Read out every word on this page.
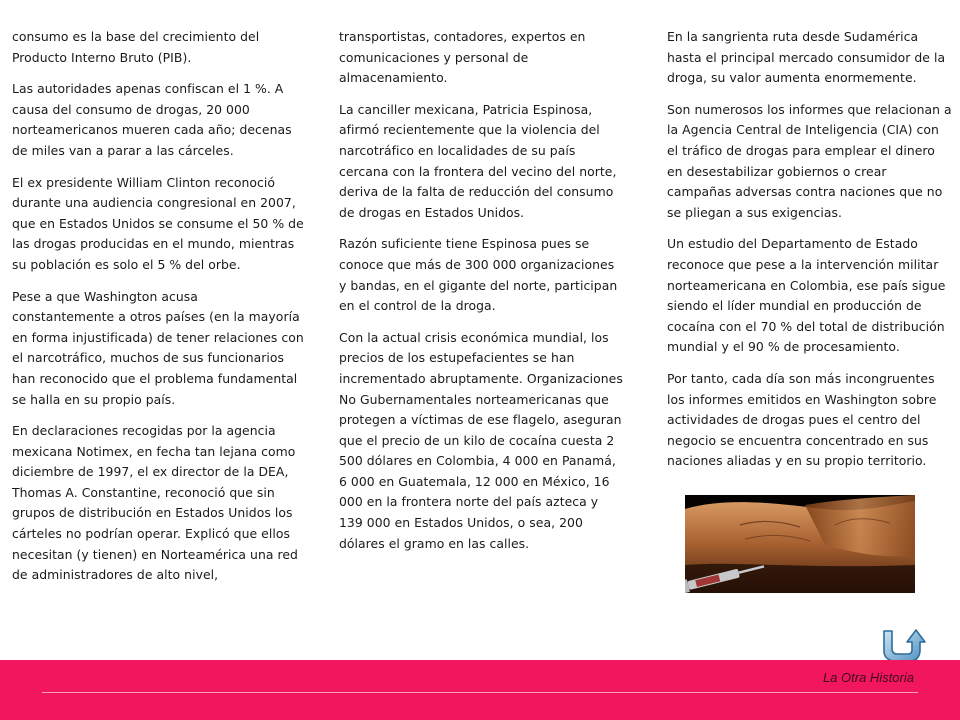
consumo es la base del crecimiento del Producto Interno Bruto (PIB).

Las autoridades apenas confiscan el 1 %. A causa del consumo de drogas, 20 000 norteamericanos mueren cada año; decenas de miles van a parar a las cárceles.

El ex presidente William Clinton reconoció durante una audiencia congresional en 2007, que en Estados Unidos se consume el 50 % de las drogas producidas en el mundo, mientras su población es solo el 5 % del orbe.

Pese a que Washington acusa constantemente a otros países (en la mayoría en forma injustificada) de tener relaciones con el narcotráfico, muchos de sus funcionarios han reconocido que el problema fundamental se halla en su propio país.

En declaraciones recogidas por la agencia mexicana Notimex, en fecha tan lejana como diciembre de 1997, el ex director de la DEA, Thomas A. Constantine, reconoció que sin grupos de distribución en Estados Unidos los cárteles no podrían operar. Explicó que ellos necesitan (y tienen) en Norteamérica una red de administradores de alto nivel,

transportistas, contadores, expertos en comunicaciones y personal de almacenamiento.

La canciller mexicana, Patricia Espinosa, afirmó recientemente que la violencia del narcotráfico en localidades de su país cercana con la frontera del vecino del norte, deriva de la falta de reducción del consumo de drogas en Estados Unidos.

Razón suficiente tiene Espinosa pues se conoce que más de 300 000 organizaciones y bandas, en el gigante del norte, participan en el control de la droga.

Con la actual crisis económica mundial, los precios de los estupefacientes se han incrementado abruptamente. Organizaciones No Gubernamentales norteamericanas que protegen a víctimas de ese flagelo, aseguran que el precio de un kilo de cocaína cuesta 2 500 dólares en Colombia, 4 000 en Panamá, 6 000 en Guatemala, 12 000 en México, 16 000 en la frontera norte del país azteca y 139 000 en Estados Unidos, o sea, 200 dólares el gramo en las calles.

En la sangrienta ruta desde Sudamérica hasta el principal mercado consumidor de la droga, su valor aumenta enormemente.

Son numerosos los informes que relacionan a la Agencia Central de Inteligencia (CIA) con el tráfico de drogas para emplear el dinero en desestabilizar gobiernos o crear campañas adversas contra naciones que no se pliegan a sus exigencias.

Un estudio del Departamento de Estado reconoce que pese a la intervención militar norteamericana en Colombia, ese país sigue siendo el líder mundial en producción de cocaína con el 70 % del total de distribución mundial y el 90 % de procesamiento.

Por tanto, cada día son más incongruentes los informes emitidos en Washington sobre actividades de drogas pues el centro del negocio se encuentra concentrado en sus naciones aliadas y en su propio territorio.

La Otra Historia
